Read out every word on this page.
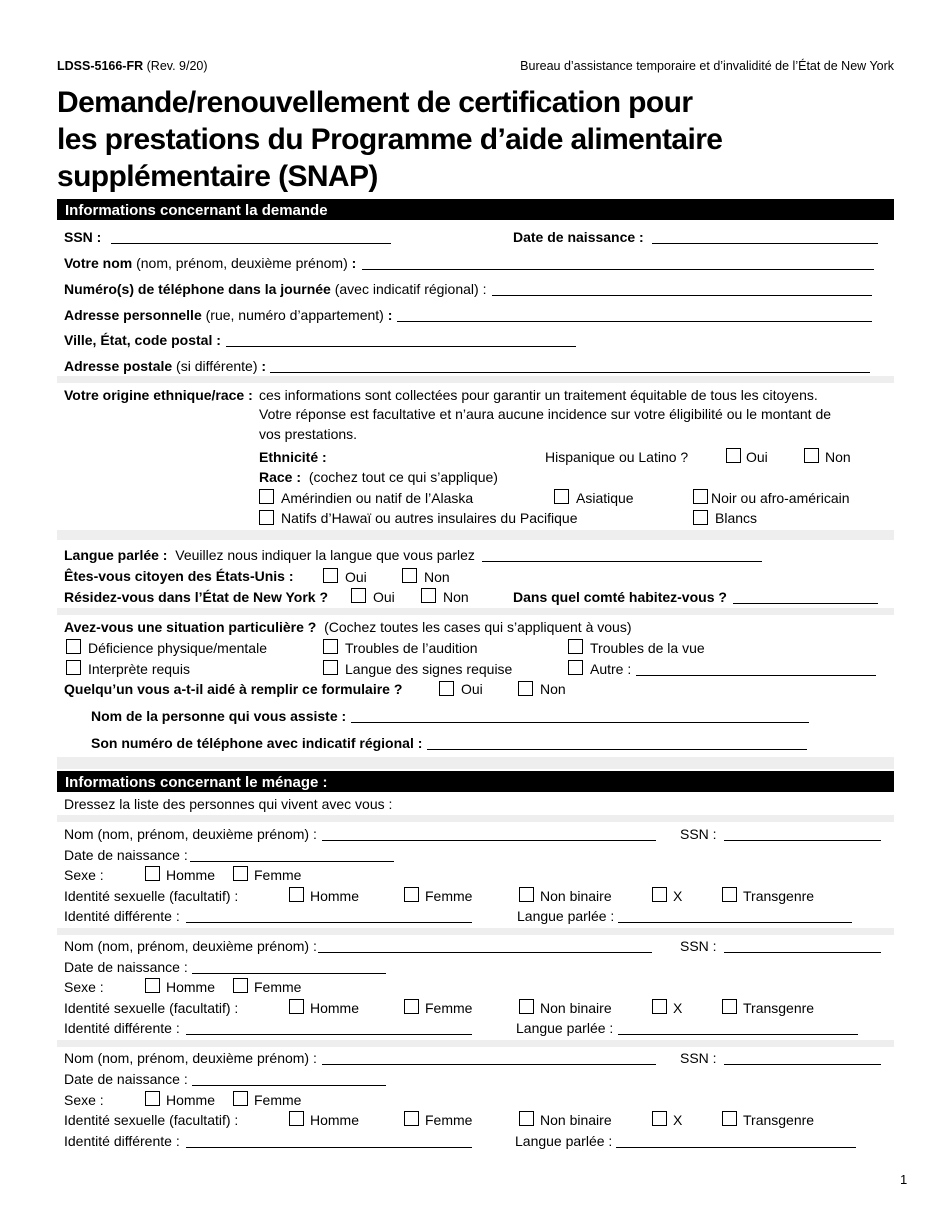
LDSS-5166-FR (Rev. 9/20)	Bureau d’assistance temporaire et d’invalidité de l’État de New York
Demande/renouvellement de certification pour
les prestations du Programme d’aide alimentaire
supplémentaire (SNAP)
Informations concernant la demande
SSN :	Date de naissance :
Votre nom (nom, prénom, deuxième prénom) :
Numéro(s) de téléphone dans la journée (avec indicatif régional) :
Adresse personnelle (rue, numéro d’appartement) :
Ville, État, code postal :
Adresse postale (si différente) :
Votre origine ethnique/race : ces informations sont collectées pour garantir un traitement équitable de tous les citoyens.
Votre réponse est facultative et n’aura aucune incidence sur votre éligibilité ou le montant de
vos prestations.
Ethnicité :	Hispanique ou Latino ?	Oui	Non
Race : (cochez tout ce qui s’applique)
Amérindien ou natif de l’Alaska	Asiatique	Noir ou afro-américain
Natifs d’Hawaï ou autres insulaires du Pacifique	Blancs
Langue parlée : Veuillez nous indiquer la langue que vous parlez
Êtes-vous citoyen des États-Unis :	Oui	Non
Résidez-vous dans l’État de New York ?	Oui	Non	Dans quel comté habitez-vous ?
Avez-vous une situation particulière ? (Cochez toutes les cases qui s’appliquent à vous)
Déficience physique/mentale	Troubles de l’audition	Troubles de la vue
Interprète requis	Langue des signes requise	Autre :
Quelqu’un vous a-t-il aidé à remplir ce formulaire ?	Oui	Non
Nom de la personne qui vous assiste :
Son numéro de téléphone avec indicatif régional :
Informations concernant le ménage :
Dressez la liste des personnes qui vivent avec vous :
Nom (nom, prénom, deuxième prénom) :	SSN :
Date de naissance :
Sexe :	Homme	Femme
Identité sexuelle (facultatif) :	Homme	Femme	Non binaire	X	Transgenre
Identité différente :	Langue parlée :
Nom (nom, prénom, deuxième prénom) :	SSN :
Date de naissance :
Sexe :	Homme	Femme
Identité sexuelle (facultatif) :	Homme	Femme	Non binaire	X	Transgenre
Identité différente :	Langue parlée :
Nom (nom, prénom, deuxième prénom) :	SSN :
Date de naissance :
Sexe :	Homme	Femme
Identité sexuelle (facultatif) :	Homme	Femme	Non binaire	X	Transgenre
Identité différente :	Langue parlée :
1
